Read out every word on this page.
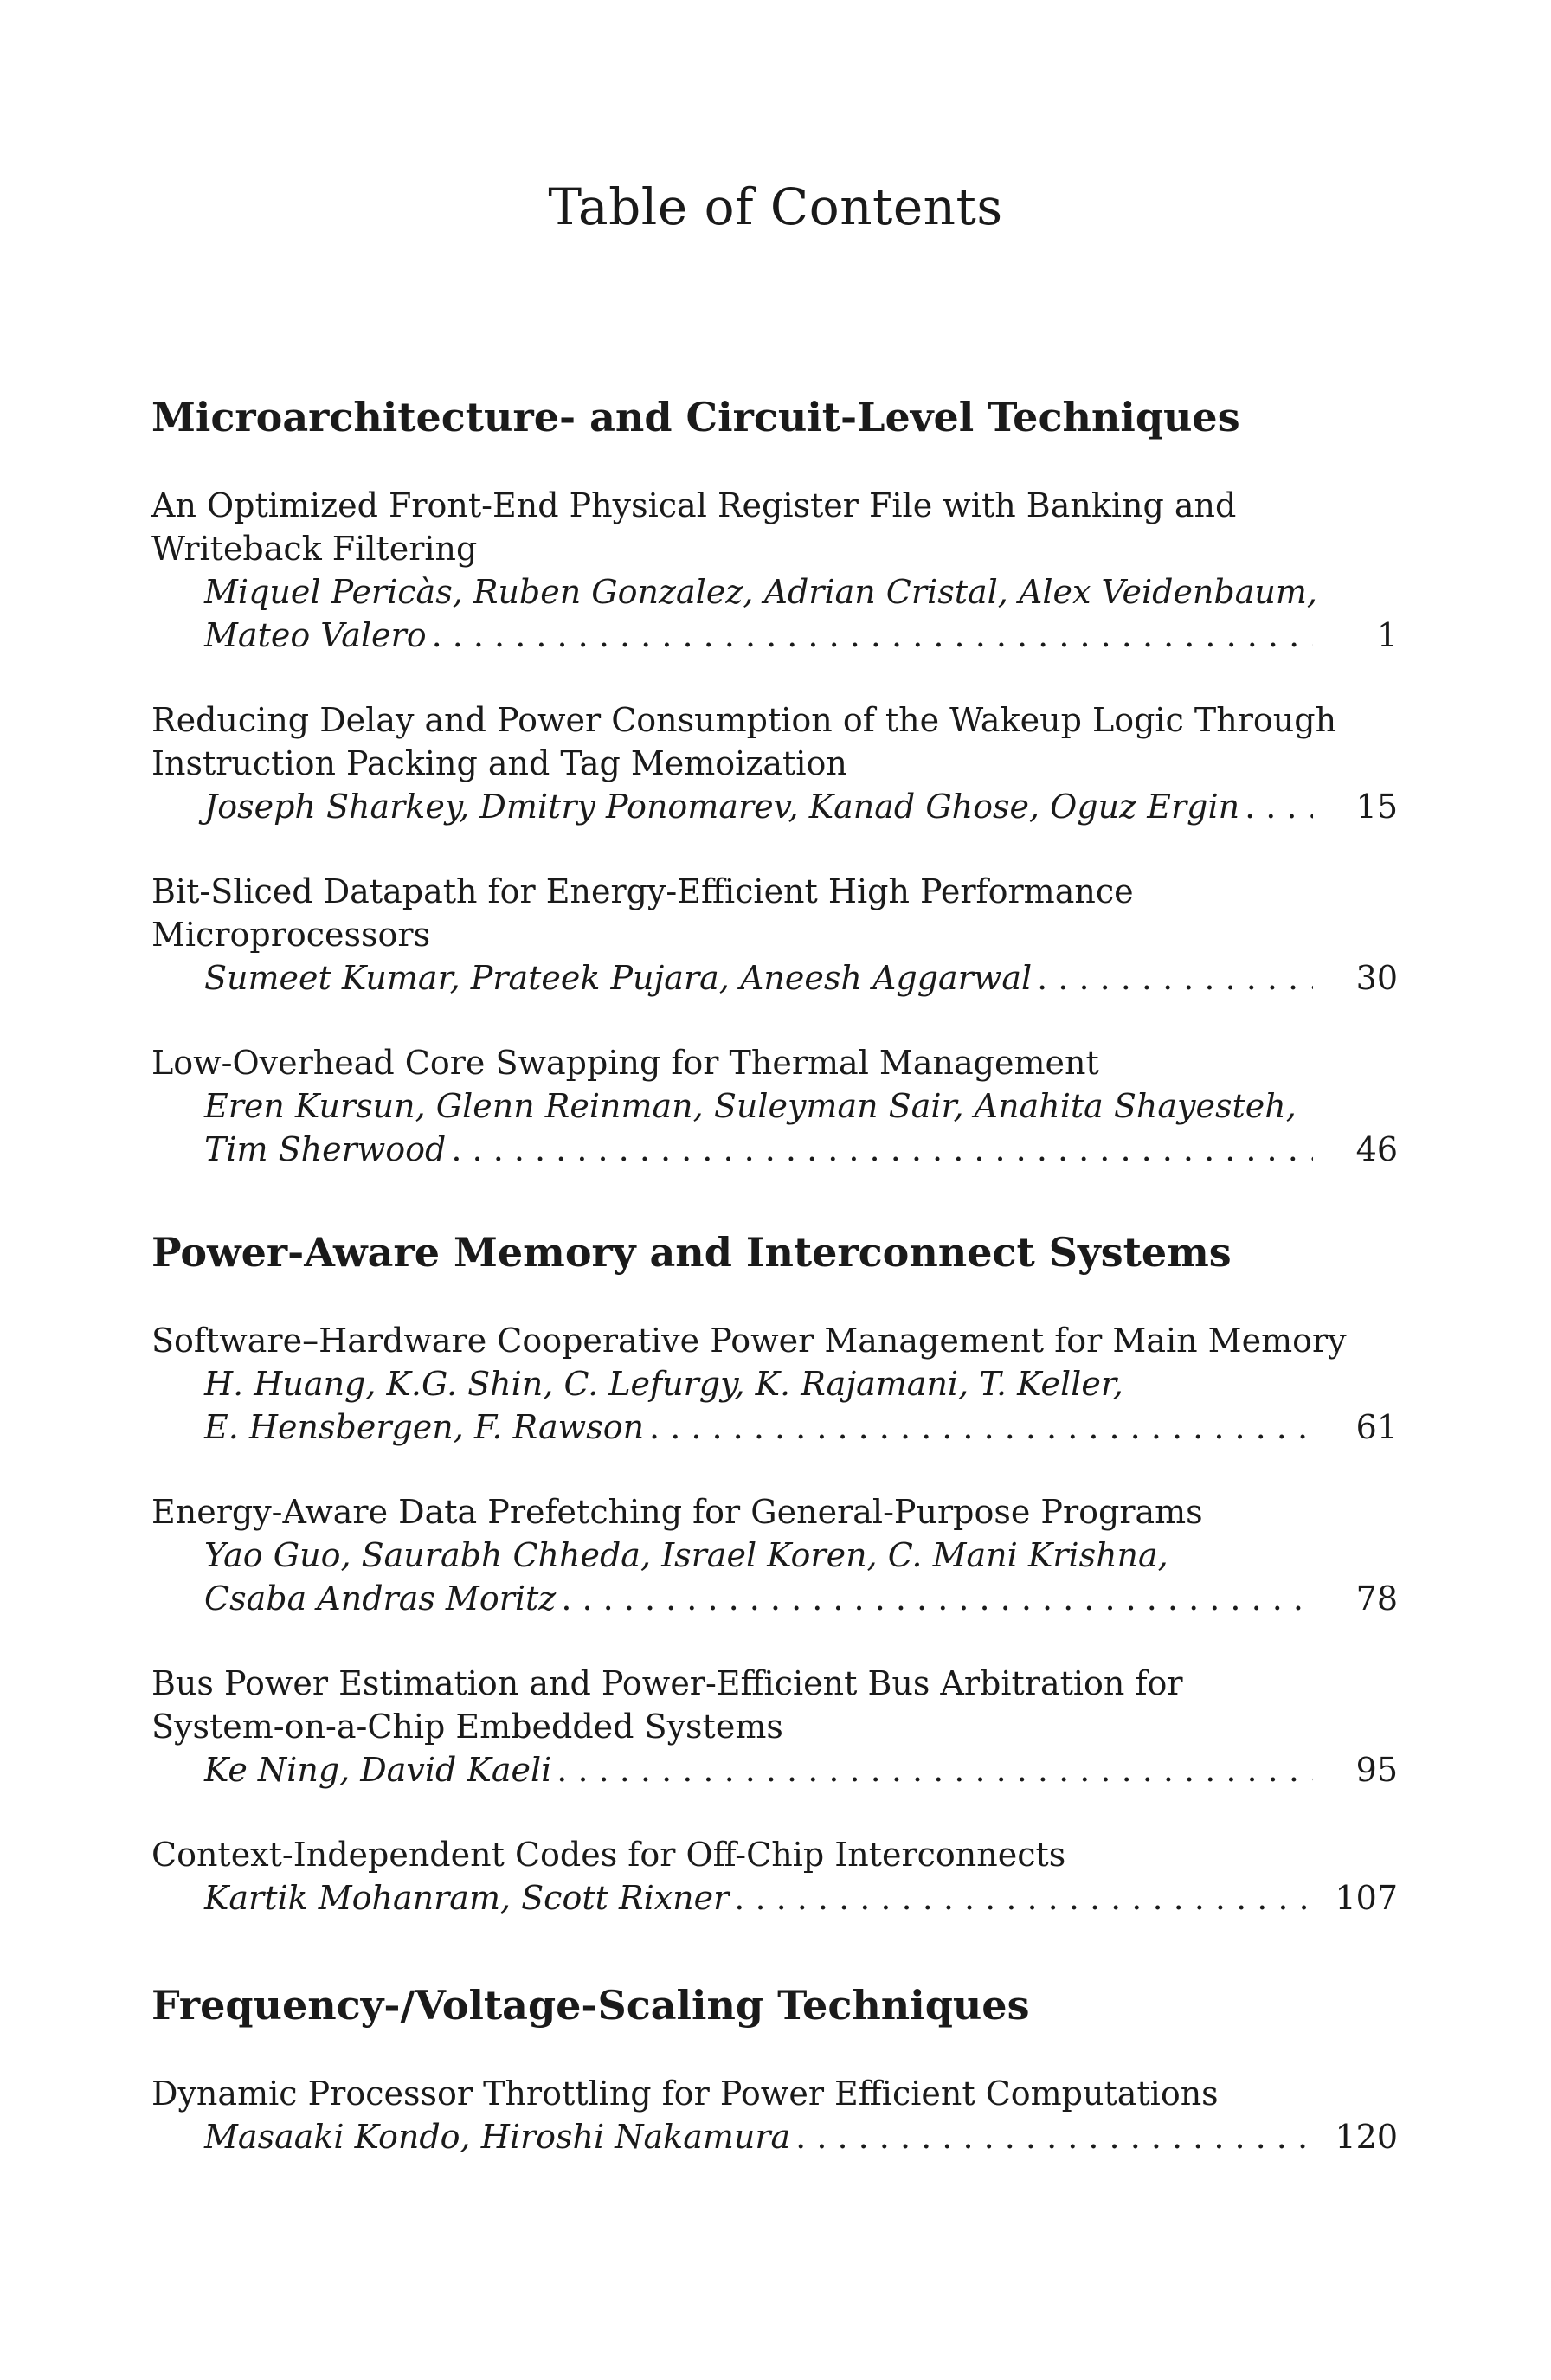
Table of Contents
Microarchitecture- and Circuit-Level Techniques
An Optimized Front-End Physical Register File with Banking and
Writeback Filtering
Miquel Pericàs, Ruben Gonzalez, Adrian Cristal, Alex Veidenbaum,
Mateo Valero . . .	1
Reducing Delay and Power Consumption of the Wakeup Logic Through
Instruction Packing and Tag Memoization
Joseph Sharkey, Dmitry Ponomarev, Kanad Ghose, Oguz Ergin . . .	15
Bit-Sliced Datapath for Energy-Efficient High Performance
Microprocessors
Sumeet Kumar, Prateek Pujara, Aneesh Aggarwal . . .	30
Low-Overhead Core Swapping for Thermal Management
Eren Kursun, Glenn Reinman, Suleyman Sair, Anahita Shayesteh,
Tim Sherwood . . .	46
Power-Aware Memory and Interconnect Systems
Software–Hardware Cooperative Power Management for Main Memory
H. Huang, K.G. Shin, C. Lefurgy, K. Rajamani, T. Keller,
E. Hensbergen, F. Rawson . . .	61
Energy-Aware Data Prefetching for General-Purpose Programs
Yao Guo, Saurabh Chheda, Israel Koren, C. Mani Krishna,
Csaba Andras Moritz . . .	78
Bus Power Estimation and Power-Efficient Bus Arbitration for
System-on-a-Chip Embedded Systems
Ke Ning, David Kaeli . . .	95
Context-Independent Codes for Off-Chip Interconnects
Kartik Mohanram, Scott Rixner . . .	107
Frequency-/Voltage-Scaling Techniques
Dynamic Processor Throttling for Power Efficient Computations
Masaaki Kondo, Hiroshi Nakamura . . .	120
